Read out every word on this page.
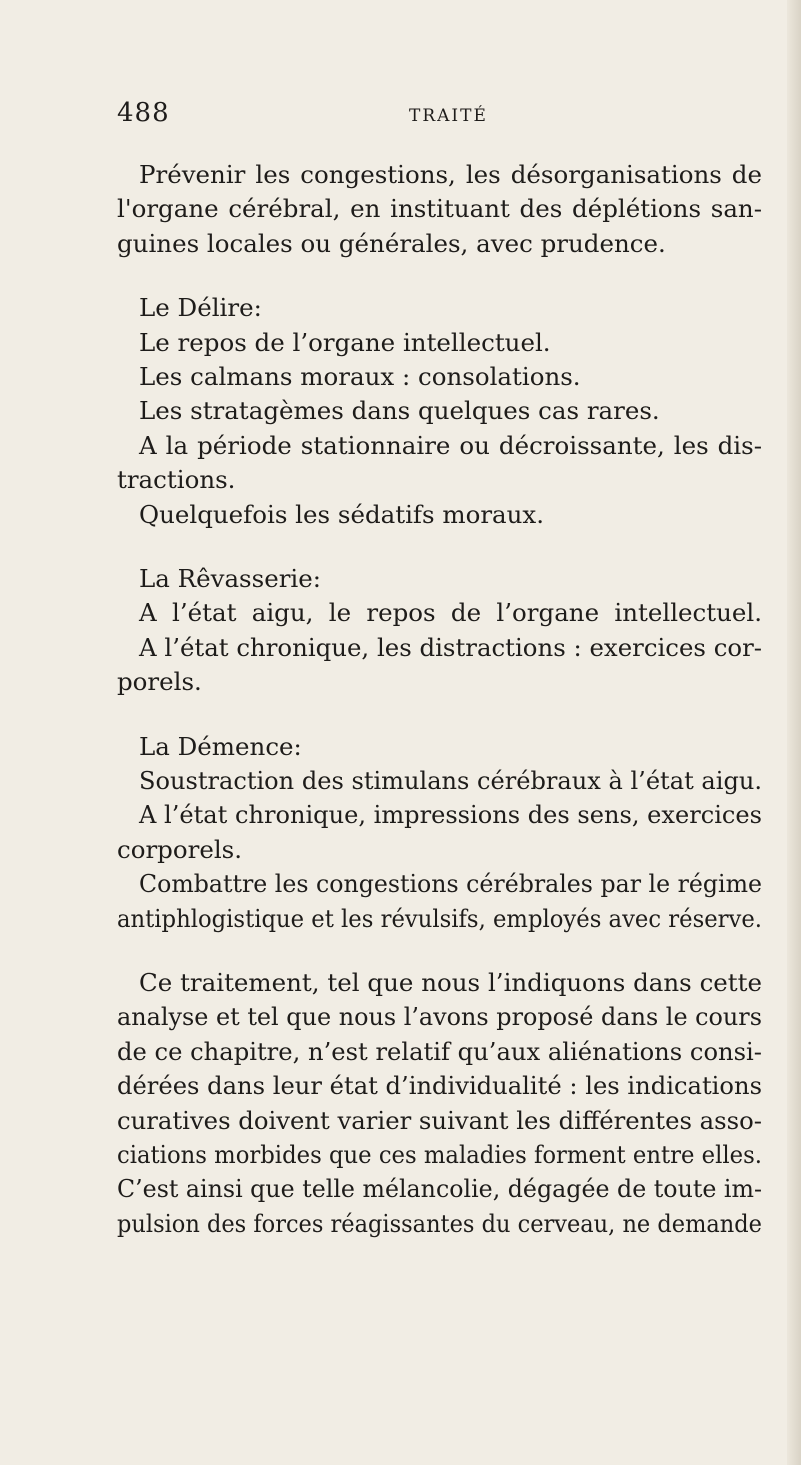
488	TRAITÉ
Prévenir les congestions, les désorganisations de
l'organe cérébral, en instituant des déplétions san-
guines locales ou générales, avec prudence.
Le Délire:
Le repos de l’organe intellectuel.
Les calmans moraux : consolations.
Les stratagèmes dans quelques cas rares.
A la période stationnaire ou décroissante, les dis-
tractions.
Quelquefois les sédatifs moraux.
La Rêvasserie:
A l’état aigu, le repos de l’organe intellectuel.
A l’état chronique, les distractions : exercices cor-
porels.
La Démence:
Soustraction des stimulans cérébraux à l’état aigu.
A l’état chronique, impressions des sens, exercices
corporels.
Combattre les congestions cérébrales par le régime
antiphlogistique et les révulsifs, employés avec réserve.
Ce traitement, tel que nous l’indiquons dans cette
analyse et tel que nous l’avons proposé dans le cours
de ce chapitre, n’est relatif qu’aux aliénations consi-
dérées dans leur état d’individualité : les indications
curatives doivent varier suivant les différentes asso-
ciations morbides que ces maladies forment entre elles.
C’est ainsi que telle mélancolie, dégagée de toute im-
pulsion des forces réagissantes du cerveau, ne demande
